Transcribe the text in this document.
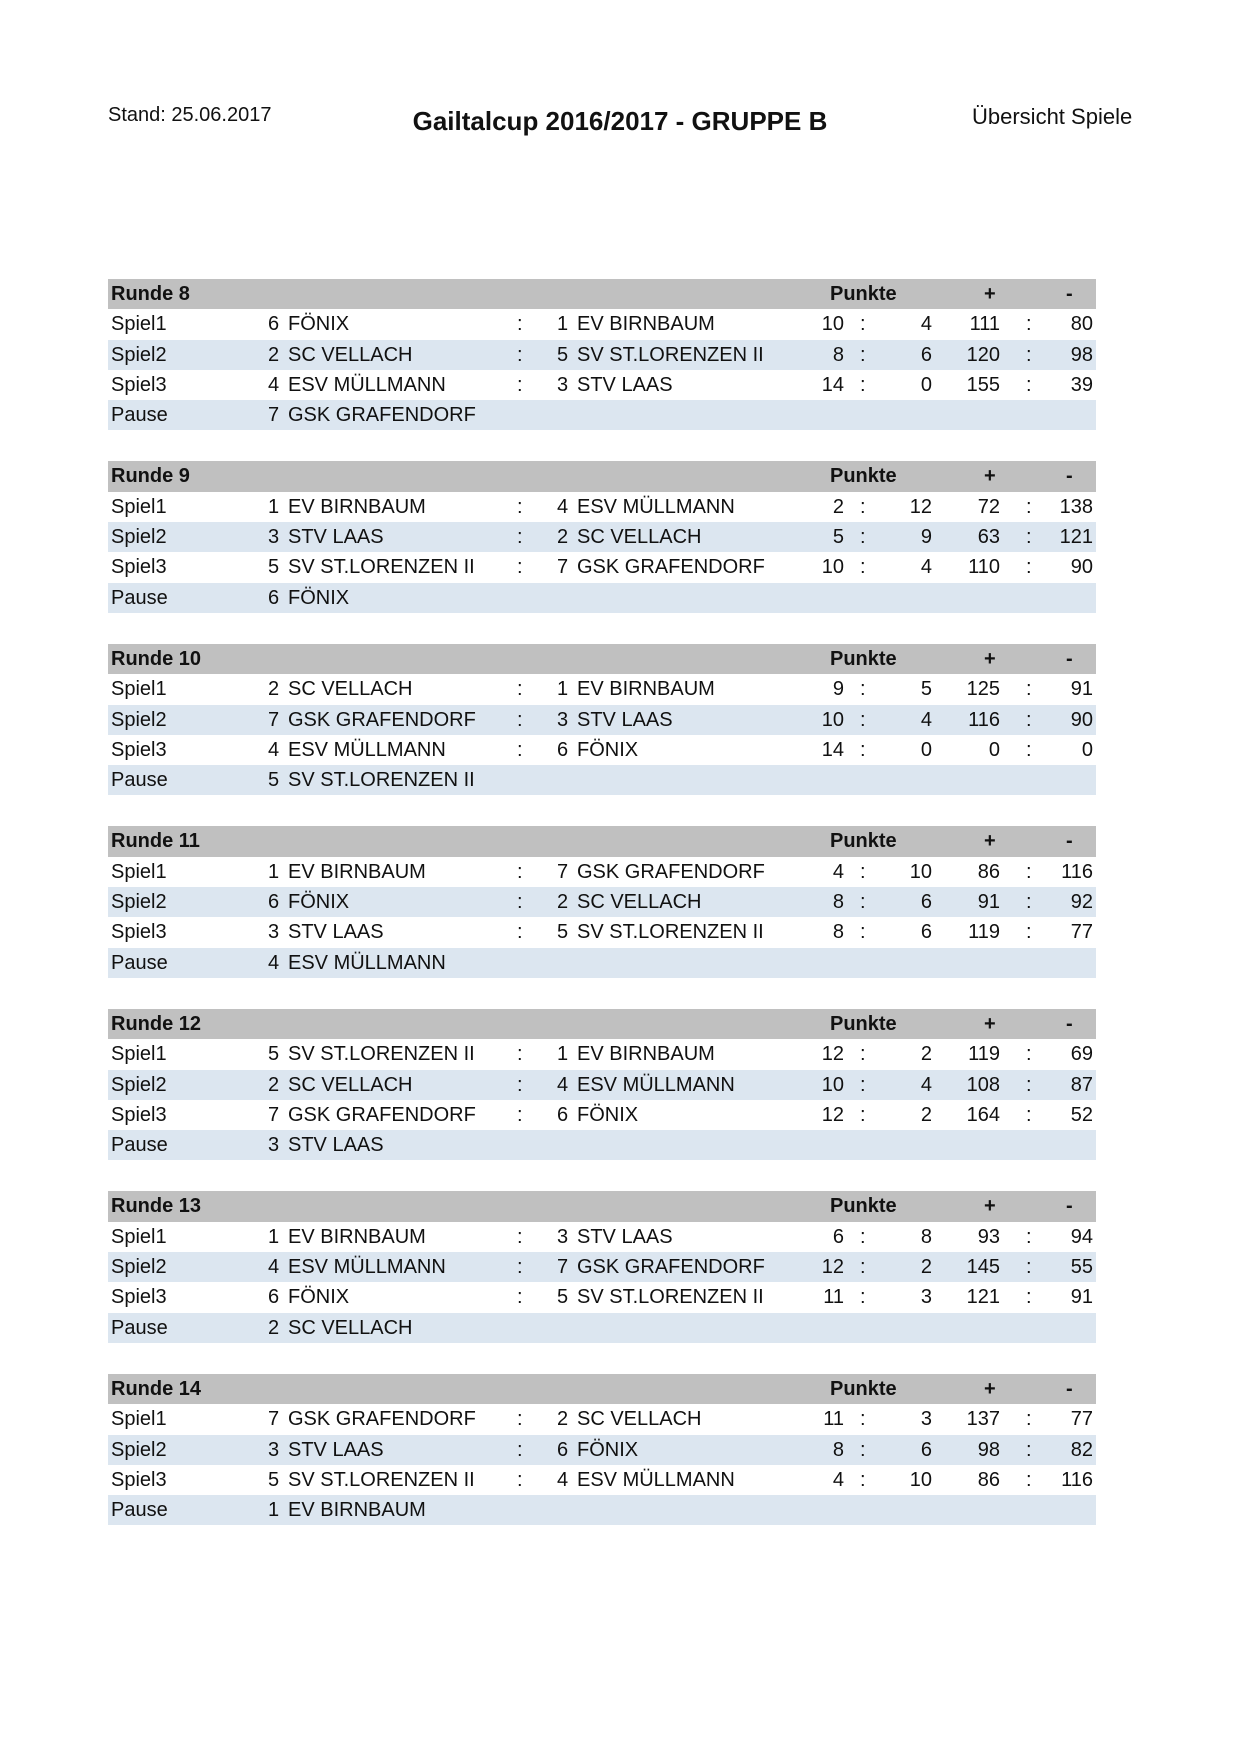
Stand: 25.06.2017	Gailtalcup 2016/2017 - GRUPPE B	Übersicht Spiele
Runde 8	Punkte	+	-
Spiel1	6 FÖNIX	: 1 EV BIRNBAUM	10 :	4 111 : 80
Spiel2	2 SC VELLACH	: 5 SV ST.LORENZEN II	8 :	6 120 : 98
Spiel3	4 ESV MÜLLMANN	: 3 STV LAAS	14 :	0 155 : 39
Pause	7 GSK GRAFENDORF
Runde 9	Punkte	+	-
Spiel1	1 EV BIRNBAUM	: 4 ESV MÜLLMANN	2 : 12 72 : 138
Spiel2	3 STV LAAS	: 2 SC VELLACH	5 :	9 63 : 121
Spiel3	5 SV ST.LORENZEN II : 7 GSK GRAFENDORF	10 :	4 110 : 90
Pause	6 FÖNIX
Runde 10	Punkte	+	-
Spiel1	2 SC VELLACH	: 1 EV BIRNBAUM	9 :	5 125 : 91
Spiel2	7 GSK GRAFENDORF : 3 STV LAAS	10 :	4 116 : 90
Spiel3	4 ESV MÜLLMANN	: 6 FÖNIX	14 :	0	0 :	0
Pause	5 SV ST.LORENZEN II
Runde 11	Punkte	+	-
Spiel1	1 EV BIRNBAUM	: 7 GSK GRAFENDORF	4 : 10 86 : 116
Spiel2	6 FÖNIX	: 2 SC VELLACH	8 :	6 91 : 92
Spiel3	3 STV LAAS	: 5 SV ST.LORENZEN II	8 :	6 119 : 77
Pause	4 ESV MÜLLMANN
Runde 12	Punkte	+	-
Spiel1	5 SV ST.LORENZEN II : 1 EV BIRNBAUM	12 :	2 119 : 69
Spiel2	2 SC VELLACH	: 4 ESV MÜLLMANN	10 :	4 108 : 87
Spiel3	7 GSK GRAFENDORF : 6 FÖNIX	12 :	2 164 : 52
Pause	3 STV LAAS
Runde 13	Punkte	+	-
Spiel1	1 EV BIRNBAUM	: 3 STV LAAS	6 :	8 93 : 94
Spiel2	4 ESV MÜLLMANN	: 7 GSK GRAFENDORF	12 :	2 145 : 55
Spiel3	6 FÖNIX	: 5 SV ST.LORENZEN II	11 :	3 121 : 91
Pause	2 SC VELLACH
Runde 14	Punkte	+	-
Spiel1	7 GSK GRAFENDORF : 2 SC VELLACH	11 :	3 137 : 77
Spiel2	3 STV LAAS	: 6 FÖNIX	8 :	6 98 : 82
Spiel3	5 SV ST.LORENZEN II : 4 ESV MÜLLMANN	4 : 10 86 : 116
Pause	1 EV BIRNBAUM
